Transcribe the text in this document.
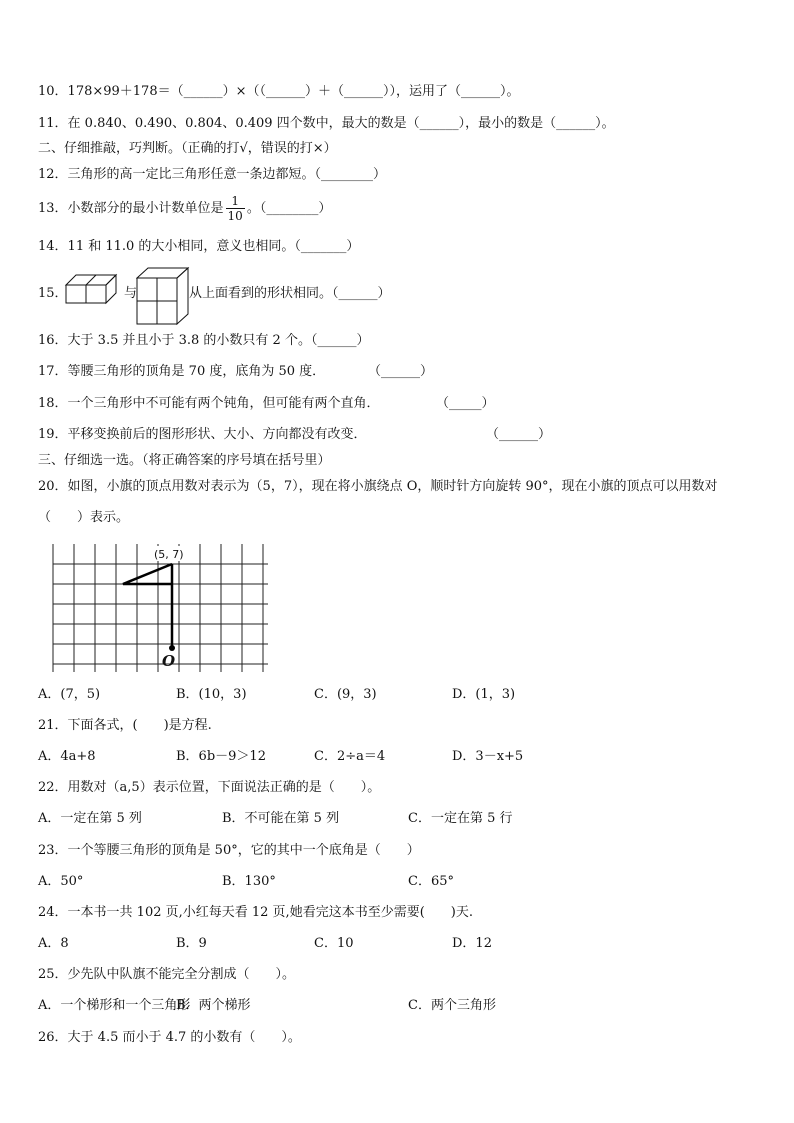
10．178×99＋178＝（______）×（（______）＋（______）），运用了（______）。
11．在 0.840、0.490、0.804、0.409 四个数中，最大的数是（______），最小的数是（______）。
二、仔细推敲，巧判断。（正确的打√，错误的打×）
12．三角形的高一定比三角形任意一条边都短。（________）
13．小数部分的最小计数单位是 $\frac{1}{10}$ 。（________）
14．11 和 11.0 的大小相同，意义也相同。（_______）
15．	与	从上面看到的形状相同。（______）
16．大于 3.5 并且小于 3.8 的小数只有 2 个。（______）
17．等腰三角形的顶角是 70 度，底角为 50 度．	（______）
18．一个三角形中不可能有两个钝角，但可能有两个直角．	（_____）
19．平移变换前后的图形形状、大小、方向都没有改变．	（______）
三、仔细选一选。（将正确答案的序号填在括号里）
20．如图，小旗的顶点用数对表示为（5，7），现在将小旗绕点 O，顺时针方向旋转 90°，现在小旗的顶点可以用数对
（　　）表示。
(5, 7)
O
A．(7，5)	B．(10，3)	C．(9，3)	D．(1，3)
21．下面各式，(　　)是方程.
A．4a+8	B．6b－9＞12	C．2÷a＝4	D．3－x+5
22．用数对（a,5）表示位置，下面说法正确的是（　　）。
A．一定在第 5 列	B．不可能在第 5 列	C．一定在第 5 行
23．一个等腰三角形的顶角是 50°，它的其中一个底角是（　　）
A．50°	B．130°	C．65°
24．一本书一共 102 页,小红每天看 12 页,她看完这本书至少需要(　　)天.
A．8	B．9	C．10	D．12
25．少先队中队旗不能完全分割成（　　）。
A．一个梯形和一个三角形
B．两个梯形	C．两个三角形
26．大于 4.5 而小于 4.7 的小数有（　　）。
